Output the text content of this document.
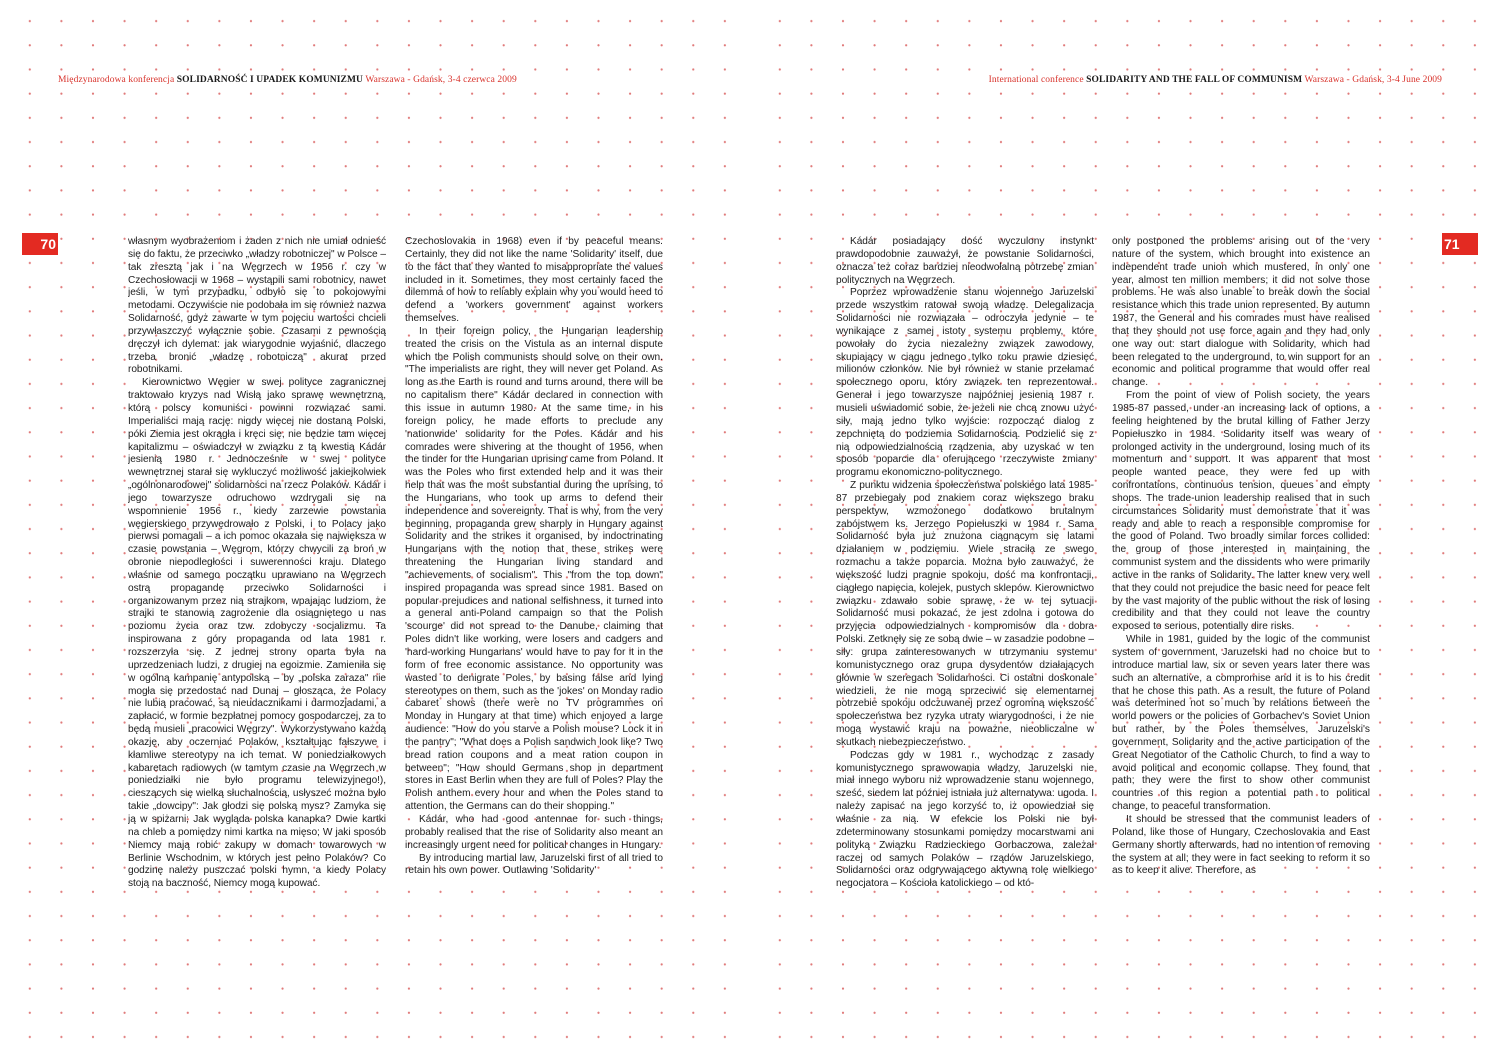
Międzynarodowa konferencja SOLIDARNOŚĆ I UPADEK KOMUNIZMU Warszawa - Gdańsk, 3-4 czerwca 2009
70	własnym wyobrażeniom i żaden z nich nie umiał odnieść się do faktu, że przeciwko „władzy robotniczej" w Polsce – tak zresztą jak i na Węgrzech w 1956 r. czy w Czechosłowacji w 1968 – wystąpili sami robotnicy, nawet jeśli, w tym przypadku, odbyło się to pokojowymi metodami. Oczywiście nie podobała im się również nazwa Solidarność, gdyż zawarte w tym pojęciu wartości chcieli przywłaszczyć wyłącznie sobie. Czasami z pewnością dręczył ich dylemat: jak wiarygodnie wyjaśnić, dlaczego trzeba bronić „władzę robotniczą" akurat przed robotnikami.

Kierownictwo Węgier w swej polityce zagranicznej traktowało kryzys nad Wisłą jako sprawę wewnętrzną, którą polscy komuniści powinni rozwiązać sami. Imperialiści mają rację: nigdy więcej nie dostaną Polski, póki Ziemia jest okrągła i kręci się, nie będzie tam więcej kapitalizmu – oświadczył w związku z tą kwestią Kádár jesienią 1980 r. Jednocześnie w swej polityce wewnętrznej starał się wykluczyć możliwość jakiejkolwiek „ogólnonarodowej" solidarności na rzecz Polaków. Kádár i jego towarzysze odruchowo wzdrygali się na wspomnienie 1956 r., kiedy zarzewie powstania węgierskiego przywędrowało z Polski, i to Polacy jako pierwsi pomagali – a ich pomoc okazała się największa w czasie powstania – Węgrom, którzy chwycili za broń w obronie niepodległości i suwerenności kraju. Dlatego właśnie od samego początku uprawiano na Węgrzech ostrą propagandę przeciwko Solidarności i organizowanym przez nią strajkom, wpajając ludziom, że strajki te stanowią zagrożenie dla osiągniętego u nas poziomu życia oraz tzw. zdobyczy socjalizmu. Ta inspirowana z góry propaganda od lata 1981 r. rozszerzyła się. Z jednej strony oparta była na uprzedzeniach ludzi, z drugiej na egoizmie. Zamieniła się w ogólną kampanię antypolską – by „polska zaraza" nie mogła się przedostać nad Dunaj – głosząca, że Polacy nie lubią pracować, są nieudacznikami i darmozjadami, a zapłacić, w formie bezpłatnej pomocy gospodarczej, za to będą musieli „pracowici Węgrzy". Wykorzystywano każdą okazję, aby oczerniać Polaków, kształtując fałszywe i kłamliwe stereotypy na ich temat. W poniedziałkowych kabaretach radiowych (w tamtym czasie na Węgrzech w poniedziałki nie było programu telewizyjnego!), cieszących się wielką słuchalnością, usłyszeć można było takie „dowcipy": Jak głodzi się polską mysz? Zamyka się ją w spiżarni; Jak wygląda polska kanapka? Dwie kartki na chleb a pomiędzy nimi kartka na mięso; W jaki sposób Niemcy mają robić zakupy w domach towarowych w Berlinie Wschodnim, w których jest pełno Polaków? Co godzinę należy puszczać polski hymn, a kiedy Polacy stoją na baczność, Niemcy mogą kupować.

Czechoslovakia in 1968) even if by peaceful means. Certainly, they did not like the name 'Solidarity' itself, due to the fact that they wanted to misappropriate the values included in it. Sometimes, they most certainly faced the dilemma of how to reliably explain why you would need to defend a 'workers government' against workers themselves.

In their foreign policy, the Hungarian leadership treated the crisis on the Vistula as an internal dispute which the Polish communists should solve on their own. "The imperialists are right, they will never get Poland. As long as the Earth is round and turns around, there will be no capitalism there" Kádár declared in connection with this issue in autumn 1980. At the same time, in his foreign policy, he made efforts to preclude any 'nationwide' solidarity for the Poles. Kádár and his comrades were shivering at the thought of 1956, when the tinder for the Hungarian uprising came from Poland. It was the Poles who first extended help and it was their help that was the most substantial during the uprising, to the Hungarians, who took up arms to defend their independence and sovereignty. That is why, from the very beginning, propaganda grew sharply in Hungary against Solidarity and the strikes it organised, by indoctrinating Hungarians with the notion that these strikes were threatening the Hungarian living standard and "achievements of socialism". This "from the top down" inspired propaganda was spread since 1981. Based on popular prejudices and national selfishness, it turned into a general anti-Poland campaign so that the Polish 'scourge' did not spread to the Danube, claiming that Poles didn't like working, were losers and cadgers and 'hard-working Hungarians' would have to pay for it in the form of free economic assistance. No opportunity was wasted to denigrate Poles, by basing false and lying stereotypes on them, such as the 'jokes' on Monday radio cabaret shows (there were no TV programmes on Monday in Hungary at that time) which enjoyed a large audience: "How do you starve a Polish mouse? Lock it in the pantry"; "What does a Polish sandwich look like? Two bread ration coupons and a meat ration coupon in between"; "How should Germans shop in department stores in East Berlin when they are full of Poles? Play the Polish anthem every hour and when the Poles stand to attention, the Germans can do their shopping."

Kádár, who had good antennae for such things, probably realised that the rise of Solidarity also meant an increasingly urgent need for political changes in Hungary.

By introducing martial law, Jaruzelski first of all tried to retain his own power. Outlawing 'Solidarity'

International conference SOLIDARITY AND THE FALL OF COMMUNISM Warszawa - Gdańsk, 3-4 June 2009
71

Kádár posiadający dość wyczulony instynkt prawdopodobnie zauważył, że powstanie Solidarności, oznacza też coraz bardziej nieodwołalną potrzebę zmian politycznych na Węgrzech.

Poprzez wprowadzenie stanu wojennego Jaruzelski przede wszystkim ratował swoją władzę. Delegalizacja Solidarności nie rozwiązała – odroczyła jedynie – te wynikające z samej istoty systemu problemy, które powołały do życia niezależny związek zawodowy, skupiający w ciągu jednego tylko roku prawie dziesięć milionów członków. Nie był również w stanie przełamać społecznego oporu, który związek ten reprezentował. Generał i jego towarzysze najpóźniej jesienią 1987 r. musieli uświadomić sobie, że jeżeli nie chcą znowu użyć siły, mają jedno tylko wyjście: rozpocząć dialog z zepchniętą do podziemia Solidarnością. Podzielić się z nią odpowiedzialnością rządzenia, aby uzyskać w ten sposób poparcie dla oferującego rzeczywiste zmiany programu ekonomiczno-politycznego.

Z punktu widzenia społeczeństwa polskiego lata 1985-87 przebiegały pod znakiem coraz większego braku perspektyw, wzmożonego dodatkowo brutalnym zabójstwem ks. Jerzego Popiełuszki w 1984 r. Sama Solidarność była już znużona ciągnącym się latami działaniem w podziemiu. Wiele straciła ze swego rozmachu a także poparcia. Można było zauważyć, że większość ludzi pragnie spokoju, dość ma konfrontacji, ciągłego napięcia, kolejek, pustych sklepów. Kierownictwo związku zdawało sobie sprawę, że w tej sytuacji Solidarność musi pokazać, że jest zdolna i gotowa do przyjęcia odpowiedzialnych kompromisów dla dobra Polski. Zetknęły się ze sobą dwie – w zasadzie podobne – siły: grupa zainteresowanych w utrzymaniu systemu komunistycznego oraz grupa dysydentów działających głównie w szeregach Solidarności. Ci ostatni doskonale wiedzieli, że nie mogą sprzeciwić się elementarnej potrzebie spokoju odczuwanej przez ogromną większość społeczeństwa bez ryzyka utraty wiarygodności, i że nie mogą wystawić kraju na poważne, nieobliczalne w skutkach niebezpieczeństwo.

Podczas gdy w 1981 r., wychodząc z zasady komunistycznego sprawowania władzy, Jaruzelski nie miał innego wyboru niż wprowadzenie stanu wojennego, sześć, siedem lat później istniała już alternatywa: ugoda. I należy zapisać na jego korzyść to, iż opowiedział się właśnie za nią. W efekcie los Polski nie był zdeterminowany stosunkami pomiędzy mocarstwami ani polityką Związku Radzieckiego Gorbaczowa, zależał raczej od samych Polaków – rządów Jaruzelskiego, Solidarności oraz odgrywającego aktywną rolę wielkiego negocjatora – Kościoła katolickiego – od któ-

only postponed the problems arising out of the very nature of the system, which brought into existence an independent trade union which mustered, in only one year, almost ten million members; it did not solve those problems. He was also unable to break down the social resistance which this trade union represented. By autumn 1987, the General and his comrades must have realised that they should not use force again and they had only one way out: start dialogue with Solidarity, which had been relegated to the underground, to win support for an economic and political programme that would offer real change.

From the point of view of Polish society, the years 1985-87 passed, under an increasing lack of options, a feeling heightened by the brutal killing of Father Jerzy Popiełuszko in 1984. Solidarity itself was weary of prolonged activity in the underground, losing much of its momentum and support. It was apparent that most people wanted peace, they were fed up with confrontations, continuous tension, queues and empty shops. The trade-union leadership realised that in such circumstances Solidarity must demonstrate that it was ready and able to reach a responsible compromise for the good of Poland. Two broadly similar forces collided: the group of those interested in maintaining the communist system and the dissidents who were primarily active in the ranks of Solidarity. The latter knew very well that they could not prejudice the basic need for peace felt by the vast majority of the public without the risk of losing credibility and that they could not leave the country exposed to serious, potentially dire risks.

While in 1981, guided by the logic of the communist system of government, Jaruzelski had no choice but to introduce martial law, six or seven years later there was such an alternative, a compromise and it is to his credit that he chose this path. As a result, the future of Poland was determined not so much by relations between the world powers or the policies of Gorbachev's Soviet Union but rather, by the Poles themselves, Jaruzelski's government, Solidarity and the active participation of the Great Negotiator of the Catholic Church, to find a way to avoid political and economic collapse. They found that path; they were the first to show other communist countries of this region a potential path to political change, to peaceful transformation.

It should be stressed that the communist leaders of Poland, like those of Hungary, Czechoslovakia and East Germany shortly afterwards, had no intention of removing the system at all; they were in fact seeking to reform it so as to keep it alive. Therefore, as
